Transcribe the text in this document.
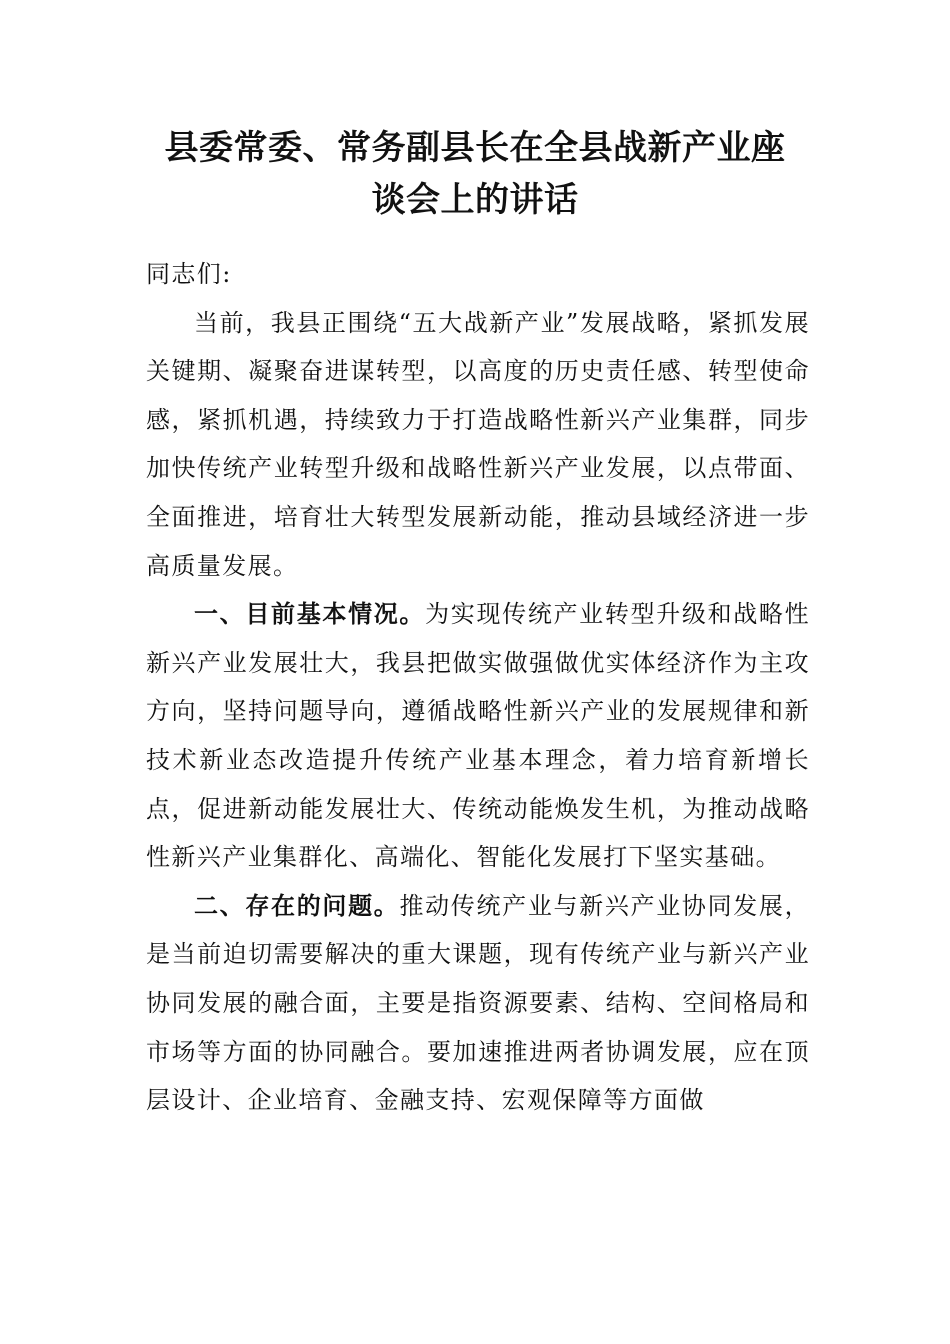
县委常委、常务副县长在全县战新产业座
谈会上的讲话

同志们:

当前，我县正围绕“五大战新产业”发展战略，紧抓发展关键期、凝聚奋进谋转型，以高度的历史责任感、转型使命感，紧抓机遇，持续致力于打造战略性新兴产业集群，同步加快传统产业转型升级和战略性新兴产业发展，以点带面、全面推进，培育壮大转型发展新动能，推动县域经济进一步高质量发展。

一、目前基本情况。为实现传统产业转型升级和战略性新兴产业发展壮大，我县把做实做强做优实体经济作为主攻方向，坚持问题导向，遵循战略性新兴产业的发展规律和新技术新业态改造提升传统产业基本理念，着力培育新增长点，促进新动能发展壮大、传统动能焕发生机，为推动战略性新兴产业集群化、高端化、智能化发展打下坚实基础。

二、存在的问题。推动传统产业与新兴产业协同发展，是当前迫切需要解决的重大课题，现有传统产业与新兴产业协同发展的融合面，主要是指资源要素、结构、空间格局和市场等方面的协同融合。要加速推进两者协调发展，应在顶层设计、企业培育、金融支持、宏观保障等方面做
